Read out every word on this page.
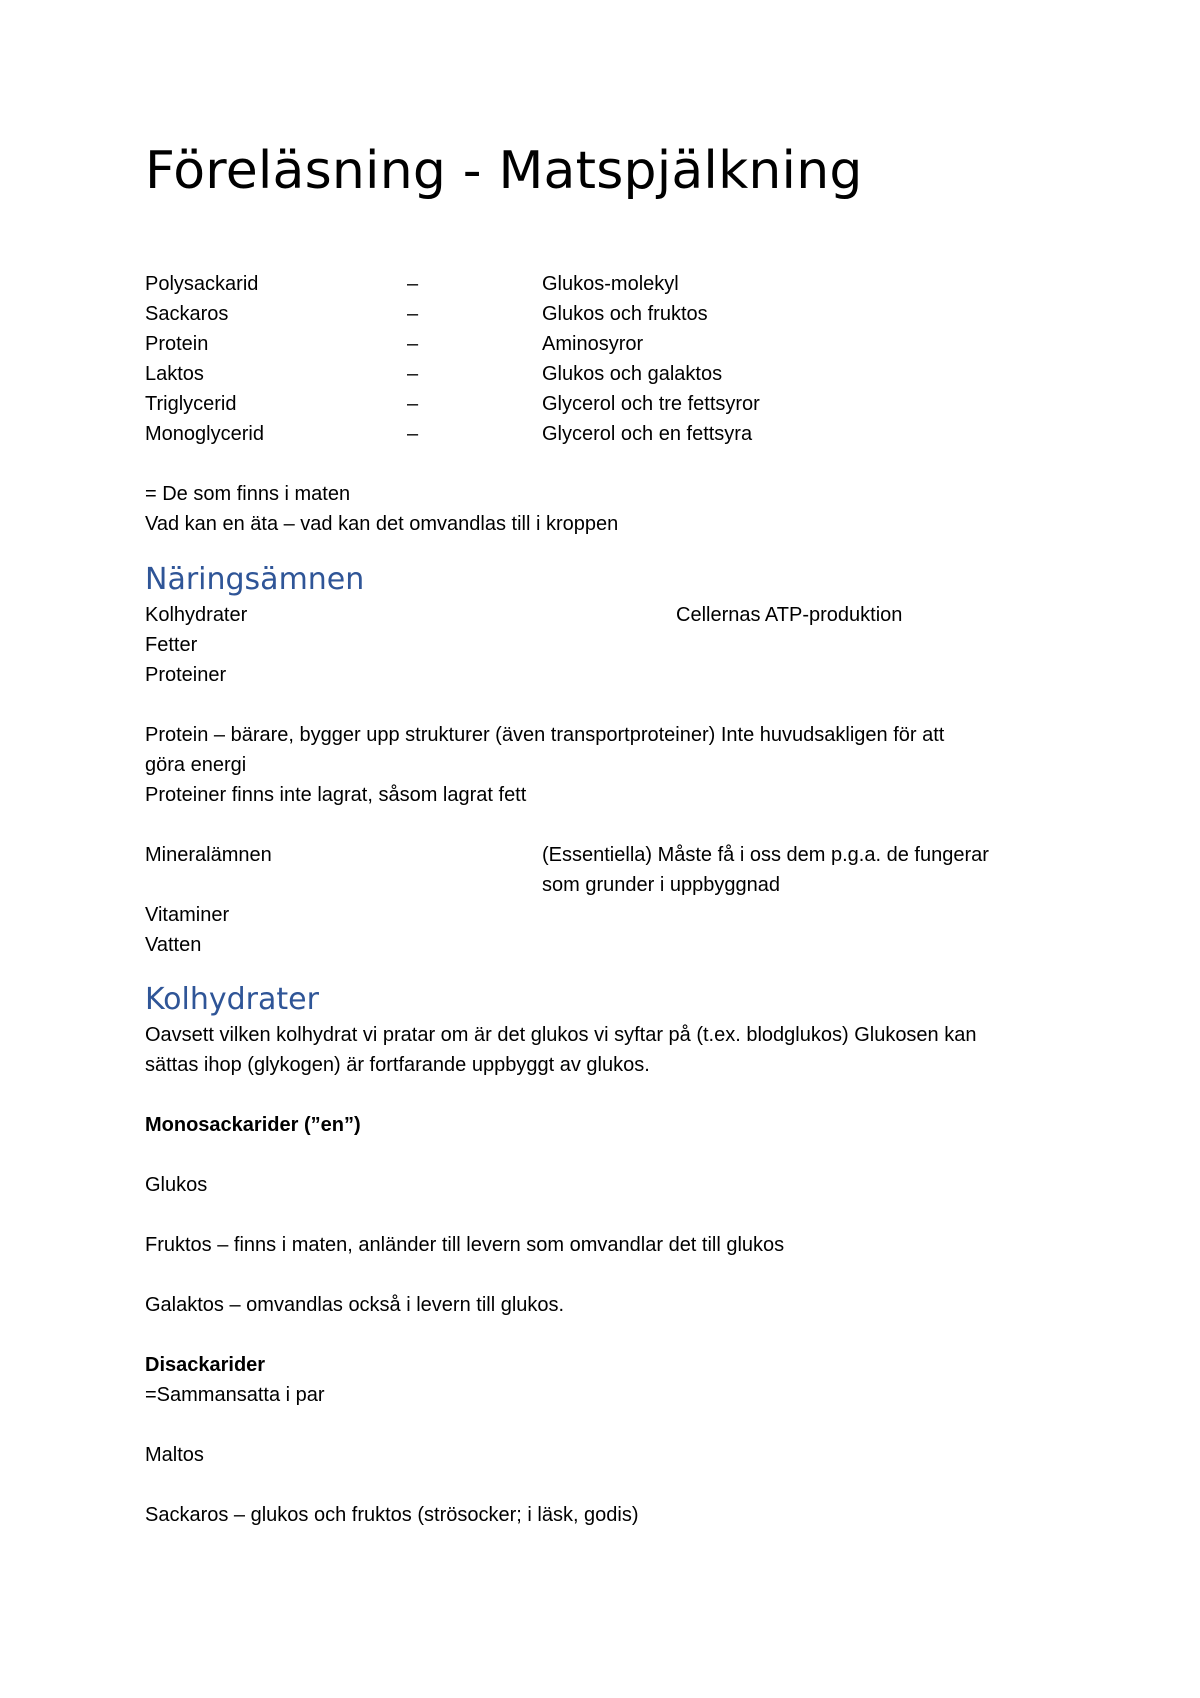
Föreläsning - Matspjälkning
Polysackarid	–	Glukos-molekyl
Sackaros	–	Glukos och fruktos
Protein	–	Aminosyror
Laktos	–	Glukos och galaktos
Triglycerid	–	Glycerol och tre fettsyror
Monoglycerid	–	Glycerol och en fettsyra
= De som finns i maten
Vad kan en äta – vad kan det omvandlas till i kroppen
Näringsämnen
Kolhydrater	Cellernas ATP-produktion
Fetter
Proteiner
Protein – bärare, bygger upp strukturer (även transportproteiner) Inte huvudsakligen för att
göra energi
Proteiner finns inte lagrat, såsom lagrat fett
Mineralämnen	(Essentiella) Måste få i oss dem p.g.a. de fungerar
som grunder i uppbyggnad
Vitaminer
Vatten
Kolhydrater
Oavsett vilken kolhydrat vi pratar om är det glukos vi syftar på (t.ex. blodglukos) Glukosen kan
sättas ihop (glykogen) är fortfarande uppbyggt av glukos.
Monosackarider (”en”)
Glukos
Fruktos – finns i maten, anländer till levern som omvandlar det till glukos
Galaktos – omvandlas också i levern till glukos.
Disackarider
=Sammansatta i par
Maltos
Sackaros – glukos och fruktos (strösocker; i läsk, godis)
